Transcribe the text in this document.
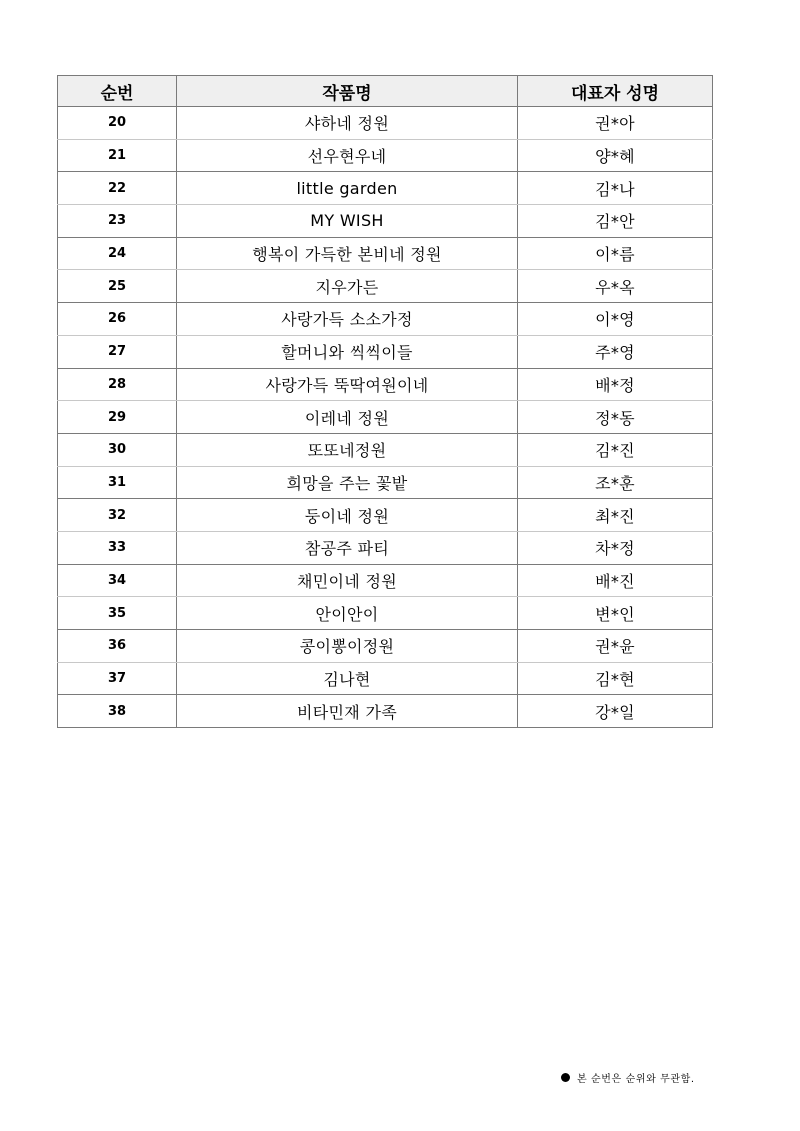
순번	작품명	대표자 성명
20	샤하네 정원	권*아
21	선우현우네	양*혜
22	little garden	김*나
23	MY WISH	김*안
24	행복이 가득한 본비네 정원	이*름
25	지우가든	우*옥
26	사랑가득 소소가정	이*영
27	할머니와 씩씩이들	주*영
28	사랑가득 뚝딱여원이네	배*정
29	이레네 정원	정*동
30	또또네정원	김*진
31	희망을 주는 꽃밭	조*훈
32	둥이네 정원	최*진
33	참공주 파티	차*정
34	채민이네 정원	배*진
35	안이안이	변*인
36	콩이뽕이정원	권*윤
37	김나현	김*현
38	비타민재 가족	강*일
본 순번은 순위와 무관함.
